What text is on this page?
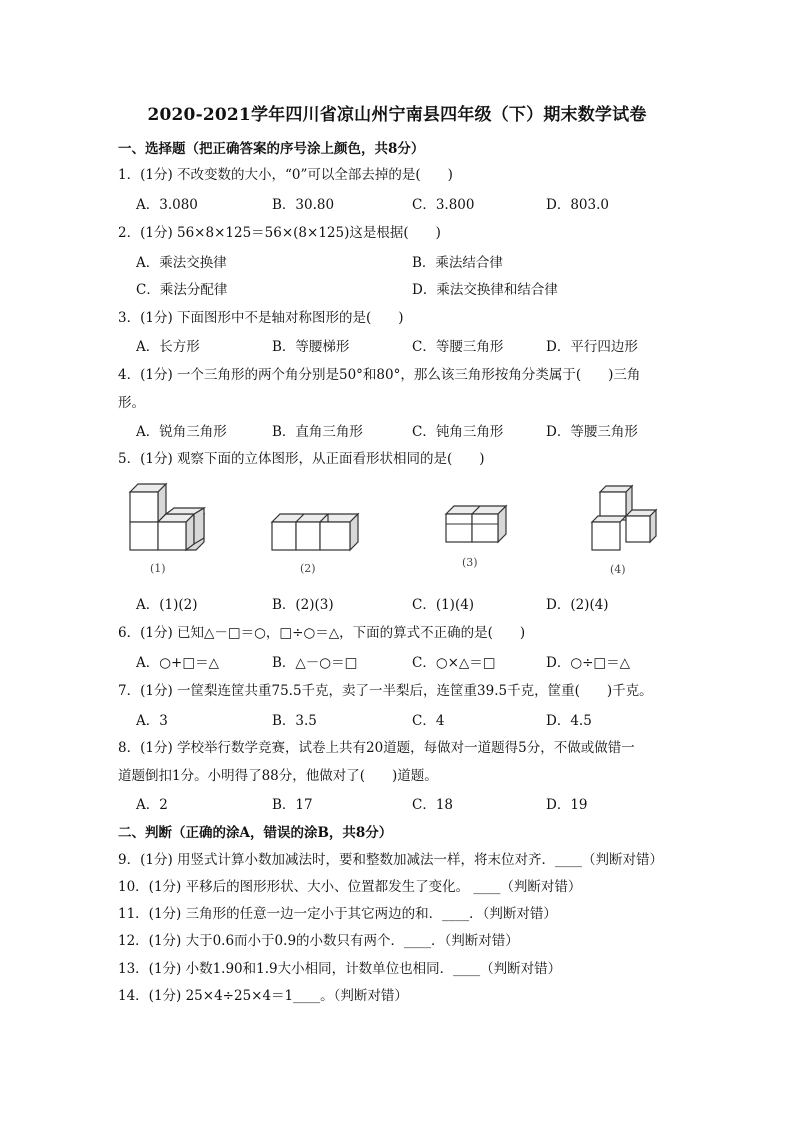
2020-2021学年四川省凉山州宁南县四年级（下）期末数学试卷
一、选择题（把正确答案的序号涂上颜色，共8分）
1．(1分) 不改变数的大小，“0”可以全部去掉的是(　　)
A．3.080	B．30.80	C．3.800	D．803.0
2．(1分) 56×8×125＝56×(8×125)这是根据(　　)
A．乘法交换律	B．乘法结合律
C．乘法分配律	D．乘法交换律和结合律
3．(1分) 下面图形中不是轴对称图形的是(　　)
A．长方形	B．等腰梯形	C．等腰三角形	D．平行四边形
4．(1分) 一个三角形的两个角分别是50°和80°，那么该三角形按角分类属于(　　)三角
形。
A．锐角三角形	B．直角三角形	C．钝角三角形	D．等腰三角形
5．(1分) 观察下面的立体图形，从正面看形状相同的是(　　)
(1)	(2)	(3)
(4)
A．(1)(2)	B．(2)(3)	C．(1)(4)	D．(2)(4)
6．(1分) 已知△－□＝○，□÷○＝△，下面的算式不正确的是(　　)
A．○+□＝△	B．△－○＝□	C．○×△＝□	D．○÷□＝△
7．(1分) 一筐梨连筐共重75.5千克，卖了一半梨后，连筐重39.5千克，筐重(　　)千克。
A．3	B．3.5	C．4	D．4.5
8．(1分) 学校举行数学竞赛，试卷上共有20道题，每做对一道题得5分，不做或做错一
道题倒扣1分。小明得了88分，他做对了(　　)道题。
A．2	B．17	C．18	D．19
二、判断（正确的涂A，错误的涂B，共8分）
9．(1分) 用竖式计算小数加减法时，要和整数加减法一样，将末位对齐．____（判断对错）
10．(1分) 平移后的图形形状、大小、位置都发生了变化。 ____（判断对错）
11．(1分) 三角形的任意一边一定小于其它两边的和．____．（判断对错）
12．(1分) 大于0.6而小于0.9的小数只有两个．____．（判断对错）
13．(1分) 小数1.90和1.9大小相同，计数单位也相同．____（判断对错）
14．(1分) 25×4÷25×4＝1____。（判断对错）
